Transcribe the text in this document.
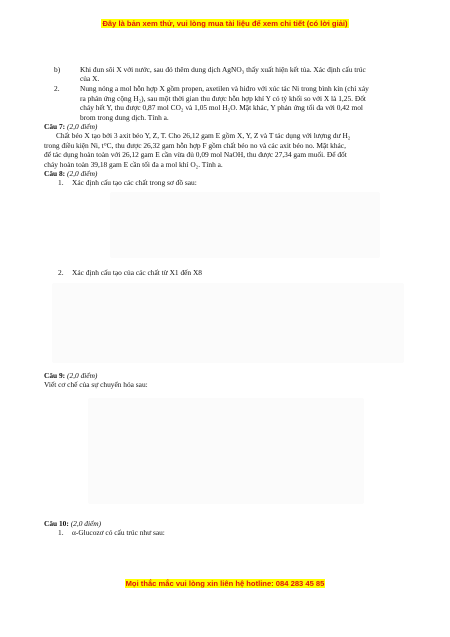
Đây là bản xem thử, vui lòng mua tài liệu để xem chi tiết (có lời giải)
b)	Khi đun sôi X với nước, sau đó thêm dung dịch AgNO₃ thấy xuất hiện kết tủa. Xác định cấu trúc
của X.
2.	Nung nóng a mol hỗn hợp X gồm propen, axetilen và hiđro với xúc tác Ni trong bình kín (chỉ xảy
ra phản ứng cộng H₂), sau một thời gian thu được hỗn hợp khí Y có tỷ khối so với X là 1,25. Đốt
cháy hết Y, thu được 0,87 mol CO₂ và 1,05 mol H₂O. Mặt khác, Y phản ứng tối đa với 0,42 mol
brom trong dung dịch. Tính a.
Câu 7: (2,0 điểm)
Chất béo X tạo bởi 3 axit béo Y, Z, T. Cho 26,12 gam E gồm X, Y, Z và T tác dụng với lượng dư H₂
trong điều kiện Ni, t°C, thu được 26,32 gam hỗn hợp F gồm chất béo no và các axit béo no. Mặt khác,
để tác dụng hoàn toàn với 26,12 gam E cần vừa đủ 0,09 mol NaOH, thu được 27,34 gam muối. Để đốt
cháy hoàn toàn 39,18 gam E cần tối đa a mol khí O₂. Tính a.
Câu 8: (2,0 điểm)
1. Xác định cấu tạo các chất trong sơ đồ sau:
2. Xác định cấu tạo của các chất từ X1 đến X8
Câu 9: (2,0 điểm)
Viết cơ chế của sự chuyển hóa sau:
Câu 10: (2,0 điểm)
1. α-Glucozơ có cấu trúc như sau:
Mọi thắc mắc vui lòng xin liên hệ hotline: 084 283 45 85
